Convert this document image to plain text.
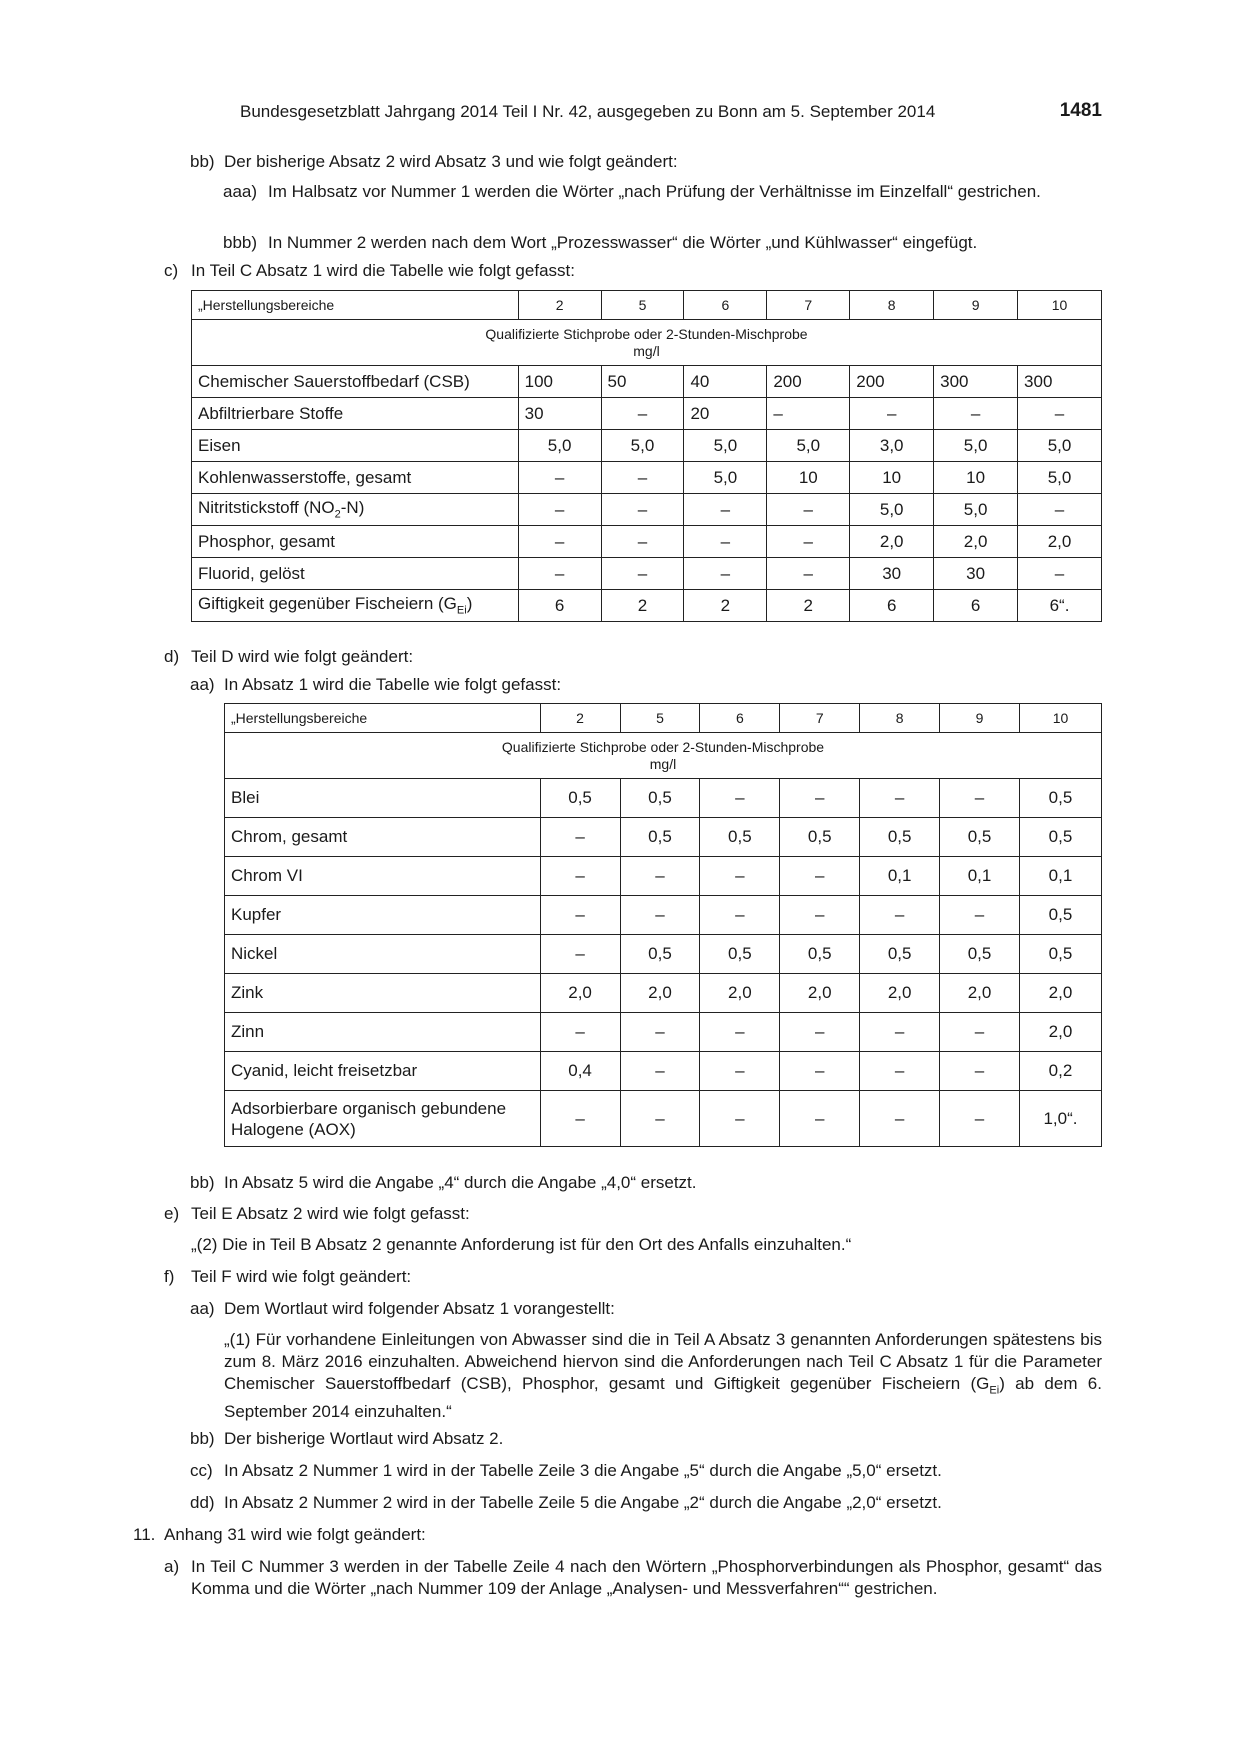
Bundesgesetzblatt Jahrgang 2014 Teil I Nr. 42, ausgegeben zu Bonn am 5. September 2014	1481
bb) Der bisherige Absatz 2 wird Absatz 3 und wie folgt geändert:
aaa) Im Halbsatz vor Nummer 1 werden die Wörter „nach Prüfung der Verhältnisse im Einzelfall“ gestrichen.
bbb) In Nummer 2 werden nach dem Wort „Prozesswasser“ die Wörter „und Kühlwasser“ eingefügt.
c) In Teil C Absatz 1 wird die Tabelle wie folgt gefasst:
„Herstellungsbereiche	2	5	6	7	8	9	10

Qualifizierte Stichprobe oder 2-Stunden-Mischprobe
mg/l							

Chemischer Sauerstoffbedarf (CSB)	100	50	40	200	200	300	300
Abfiltrierbare Stoffe	30	–	20	–	–	–	–
Eisen	5,0	5,0	5,0	5,0	3,0	5,0	5,0
Kohlenwasserstoffe, gesamt	–	–	5,0	10	10	10	5,0
Nitritstickstoff $(NO_2-N)$	–	–	–	–	5,0	5,0	–
Phosphor, gesamt	–	–	–	–	2,0	2,0	2,0
Fluorid, gelöst	–	–	–	–	30	30	–
Giftigkeit gegenüber Fischeiern $(G_{Ei})$	6	2	2	2	6	6	6“.
d) Teil D wird wie folgt geändert:
aa) In Absatz 1 wird die Tabelle wie folgt gefasst:
„Herstellungsbereiche	2	5	6	7	8	9	10

Qualifizierte Stichprobe oder 2-Stunden-Mischprobe
mg/l							

Blei	0,5	0,5	–	–	–	–	0,5
Chrom, gesamt	–	0,5	0,5	0,5	0,5	0,5	0,5
Chrom VI	–	–	–	–	0,1	0,1	0,1
Kupfer	–	–	–	–	–	–	0,5
Nickel	–	0,5	0,5	0,5	0,5	0,5	0,5
Zink	2,0	2,0	2,0	2,0	2,0	2,0	2,0
Zinn	–	–	–	–	–	–	2,0
Cyanid, leicht freisetzbar	0,4	–	–	–	–	–	0,2

Adsorbierbare organisch gebundene
Halogene (AOX)	–	–	–	–	–	–	1,0“.
bb) In Absatz 5 wird die Angabe „4“ durch die Angabe „4,0“ ersetzt.
e) Teil E Absatz 2 wird wie folgt gefasst:
„(2) Die in Teil B Absatz 2 genannte Anforderung ist für den Ort des Anfalls einzuhalten.“
f) Teil F wird wie folgt geändert:
aa) Dem Wortlaut wird folgender Absatz 1 vorangestellt:
„(1) Für vorhandene Einleitungen von Abwasser sind die in Teil A Absatz 3 genannten Anforderungen spätestens bis zum 8. März 2016 einzuhalten. Abweichend hiervon sind die Anforderungen nach Teil C Absatz 1 für die Parameter Chemischer Sauerstoffbedarf (CSB), Phosphor, gesamt und Giftigkeit gegenüber Fischeiern $(G_{Ei})$ ab dem 6. September 2014 einzuhalten.“
bb) Der bisherige Wortlaut wird Absatz 2.
cc) In Absatz 2 Nummer 1 wird in der Tabelle Zeile 3 die Angabe „5“ durch die Angabe „5,0“ ersetzt.
dd) In Absatz 2 Nummer 2 wird in der Tabelle Zeile 5 die Angabe „2“ durch die Angabe „2,0“ ersetzt.
11. Anhang 31 wird wie folgt geändert:
a) In Teil C Nummer 3 werden in der Tabelle Zeile 4 nach den Wörtern „Phosphorverbindungen als Phosphor, gesamt“ das Komma und die Wörter „nach Nummer 109 der Anlage „Analysen- und Messverfahren““ gestrichen.
